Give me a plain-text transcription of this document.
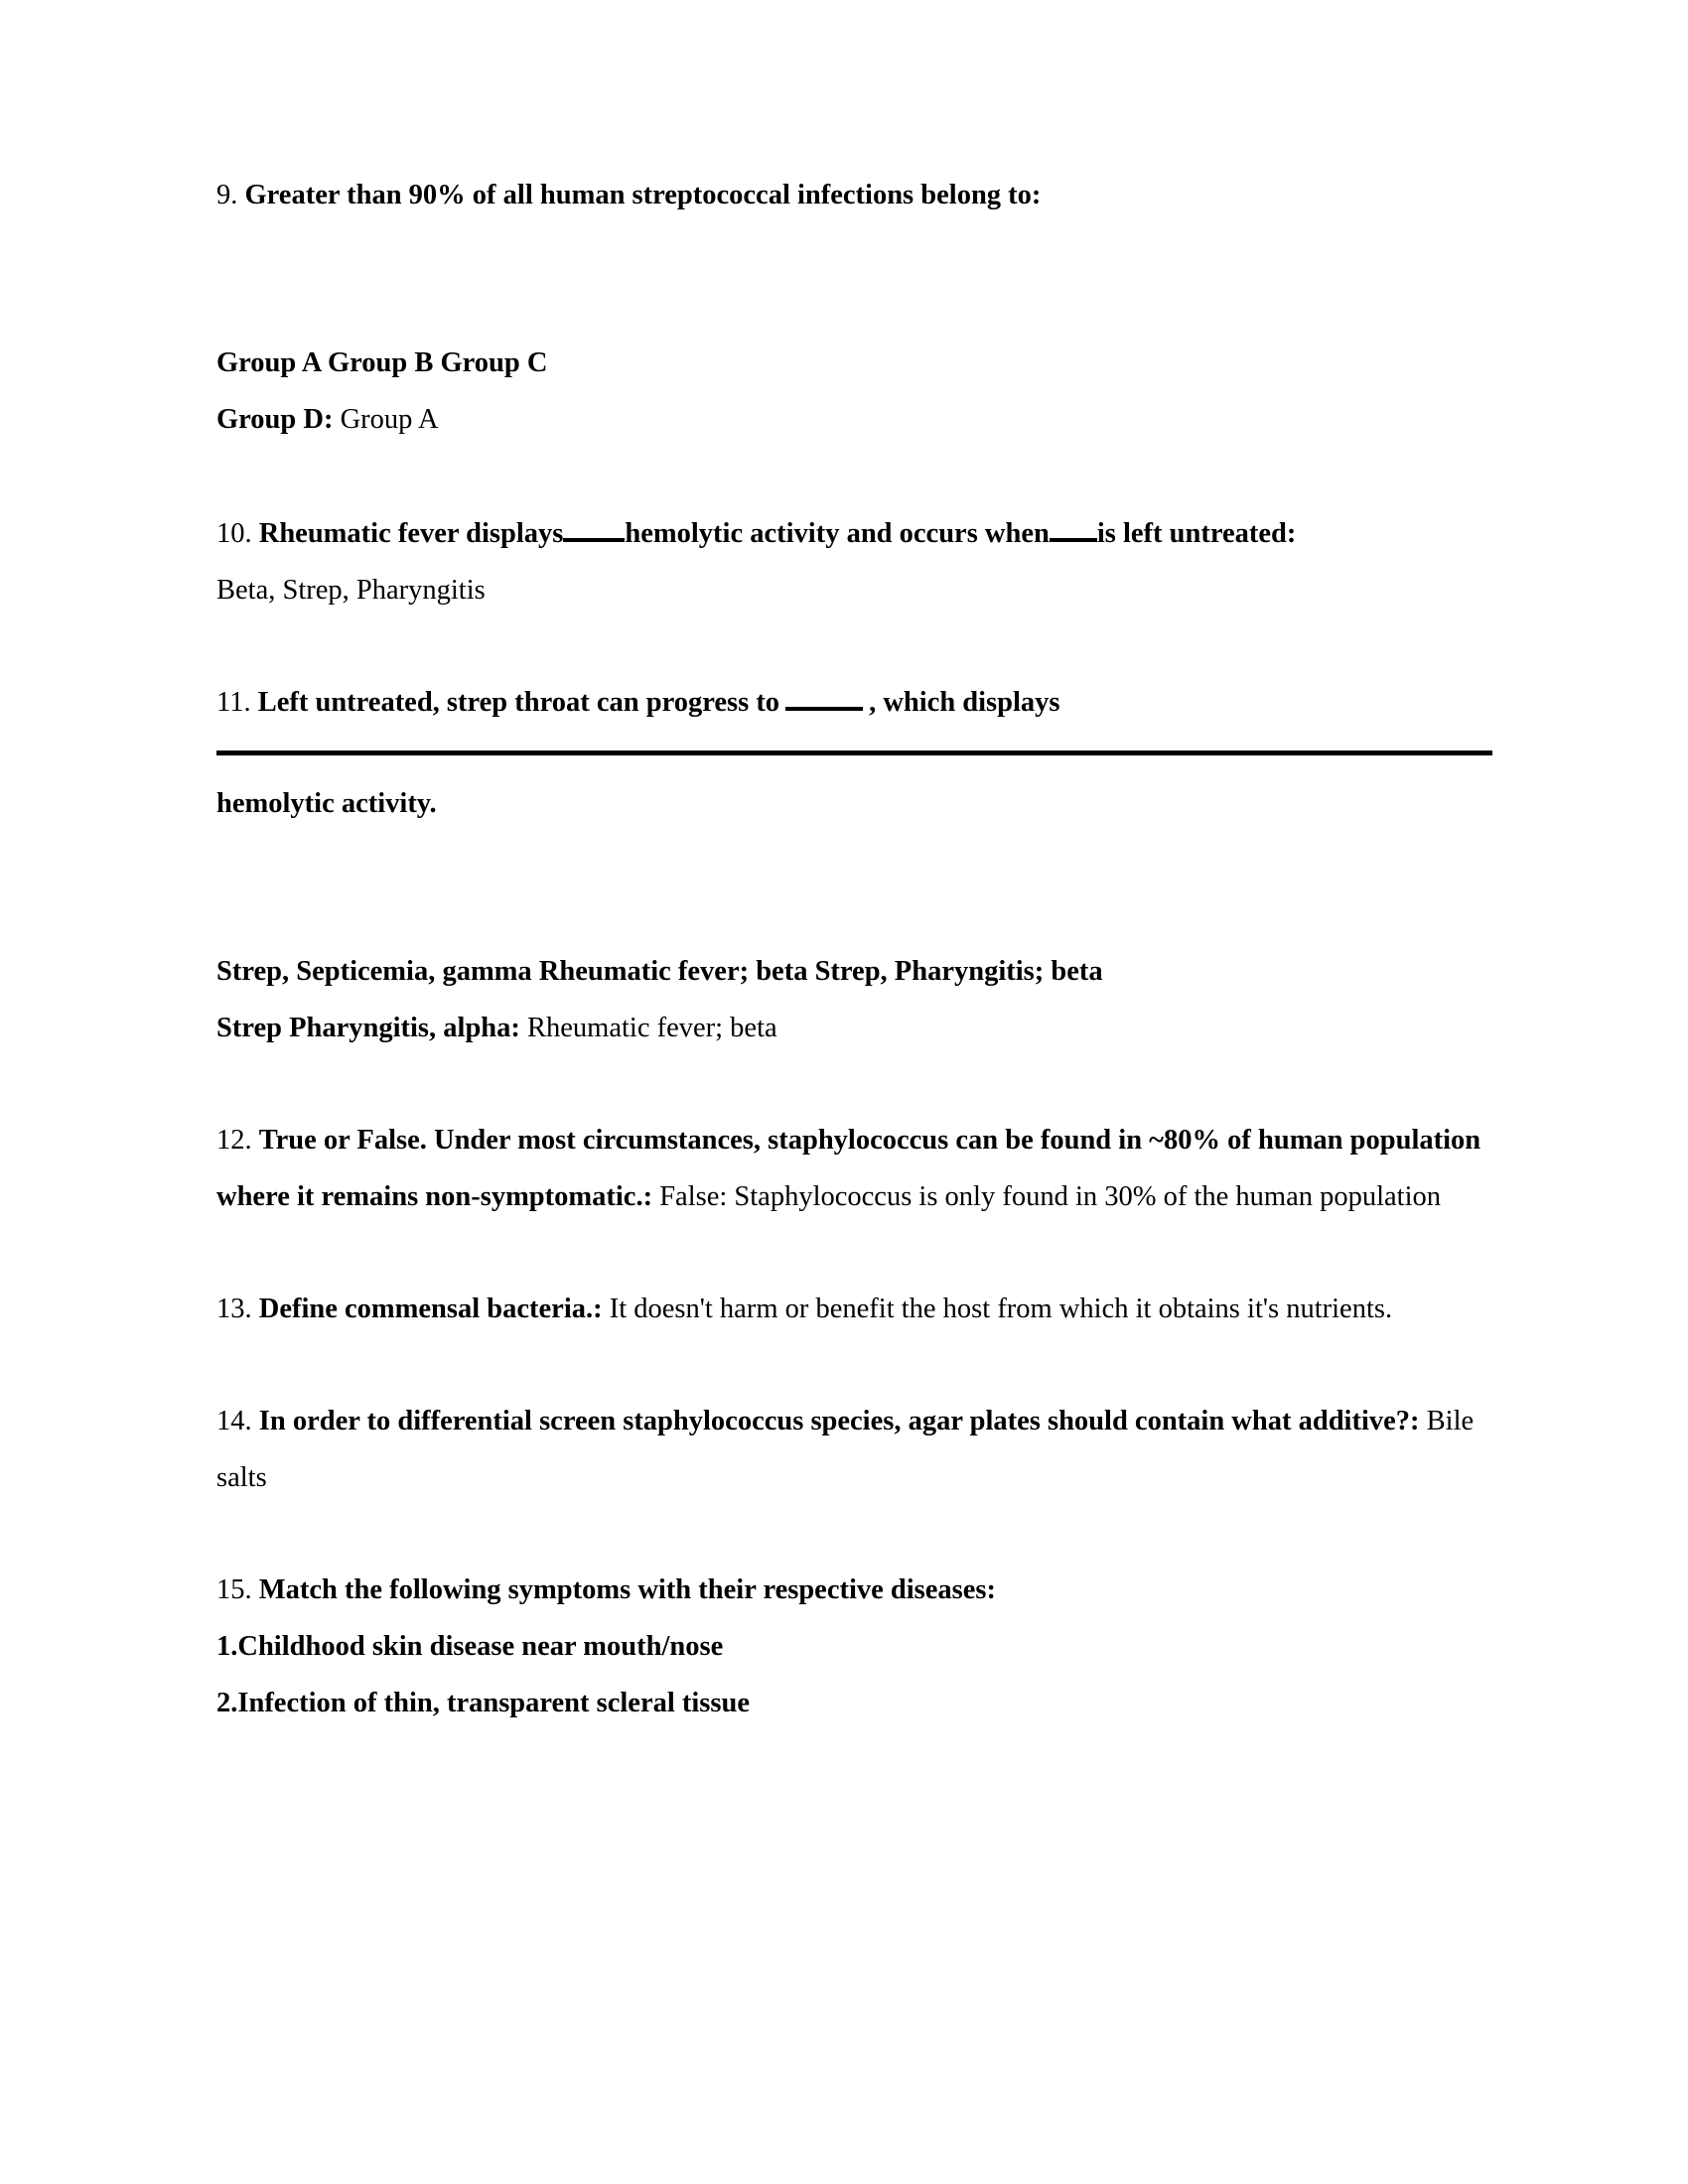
9. Greater than 90% of all human streptococcal infections belong to:
Group A Group B Group C
Group D: Group A
10. Rheumatic fever displays hemolytic activity and occurs when is left untreated:
Beta, Strep, Pharyngitis
11. Left untreated, strep throat can progress to	, which displays
hemolytic activity.
Strep, Septicemia, gamma Rheumatic fever; beta Strep, Pharyngitis; beta
Strep Pharyngitis, alpha: Rheumatic fever; beta
12. True or False. Under most circumstances, staphylococcus can be found in ~80% of human population where it remains non-symptomatic.: False: Staphylococcus is only found in 30% of the human population
13. Define commensal bacteria.: It doesn't harm or benefit the host from which it obtains it's nutrients.
14. In order to differential screen staphylococcus species, agar plates should contain what additive?: Bile salts
15. Match the following symptoms with their respective diseases:
1.Childhood skin disease near mouth/nose
2.Infection of thin, transparent scleral tissue
